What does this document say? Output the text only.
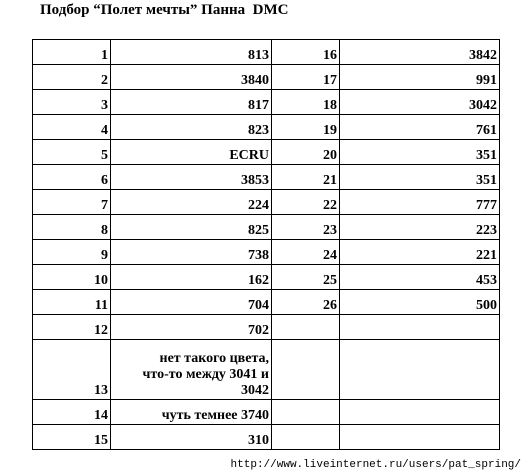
Подбор “Полет мечты” Панна  DMC
1	813	16	3842
2	3840	17	991
3	817	18	3042
4	823	19	761
5	ECRU	20	351
6	3853	21	351
7	224	22	777
8	825	23	223
9	738	24	221
10	162	25	453
11	704	26	500
12	702		
13	нет такого цвета,
что-то между 3041 и
3042		

14	чуть темнее 3740		
15	310		
http://www.liveinternet.ru/users/pat_spring/
